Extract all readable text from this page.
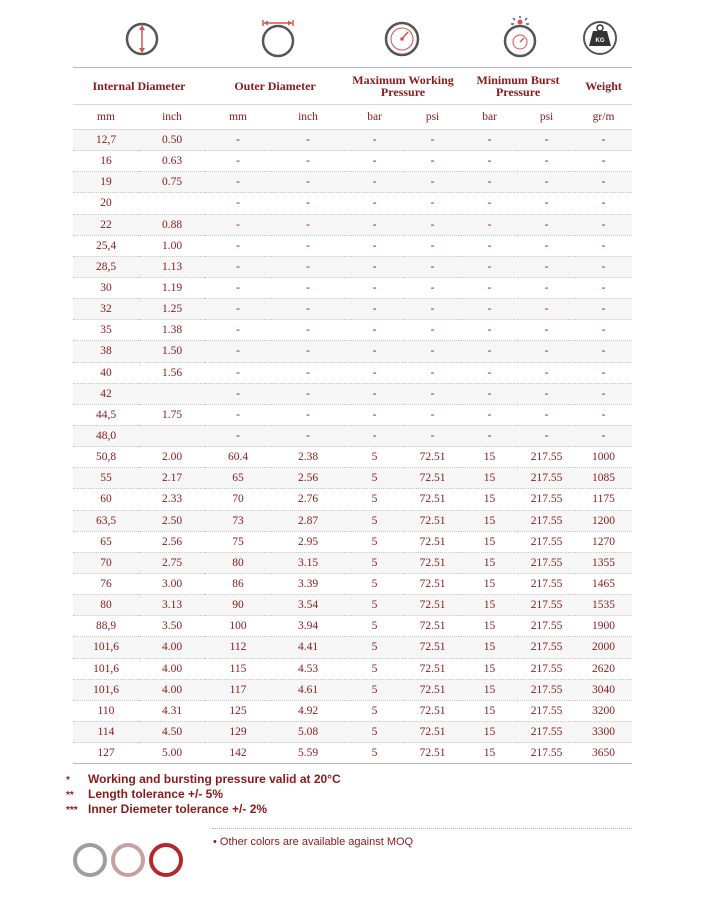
KG
Internal Diameter		Outer Diameter		Maximum Working Pressure		Minimum Burst Pressure		Weight
mm	inch	mm	inch	bar	psi	bar	psi	gr/m
12,7	0.50	-	-	-	-	-	-	-
16	0.63	-	-	-	-	-	-	-
19	0.75	-	-	-	-	-	-	-
20		-	-	-	-	-	-	-
22	0.88	-	-	-	-	-	-	-
25,4	1.00	-	-	-	-	-	-	-
28,5	1.13	-	-	-	-	-	-	-
30	1.19	-	-	-	-	-	-	-
32	1.25	-	-	-	-	-	-	-
35	1.38	-	-	-	-	-	-	-
38	1.50	-	-	-	-	-	-	-
40	1.56	-	-	-	-	-	-	-
42		-	-	-	-	-	-	-
44,5	1.75	-	-	-	-	-	-	-
48,0		-	-	-	-	-	-	-
50,8	2.00	60.4	2.38	5	72.51	15	217.55	1000
55	2.17	65	2.56	5	72.51	15	217.55	1085
60	2.33	70	2.76	5	72.51	15	217.55	1175
63,5	2.50	73	2.87	5	72.51	15	217.55	1200
65	2.56	75	2.95	5	72.51	15	217.55	1270
70	2.75	80	3.15	5	72.51	15	217.55	1355
76	3.00	86	3.39	5	72.51	15	217.55	1465
80	3.13	90	3.54	5	72.51	15	217.55	1535
88,9	3.50	100	3.94	5	72.51	15	217.55	1900
101,6	4.00	112	4.41	5	72.51	15	217.55	2000
101,6	4.00	115	4.53	5	72.51	15	217.55	2620
101,6	4.00	117	4.61	5	72.51	15	217.55	3040
110	4.31	125	4.92	5	72.51	15	217.55	3200
114	4.50	129	5.08	5	72.51	15	217.55	3300
127	5.00	142	5.59	5	72.51	15	217.55	3650
* Working and bursting pressure valid at 20°C
** Length tolerance +/- 5%
*** Inner Diemeter tolerance +/- 2%
• Other colors are available against MOQ
